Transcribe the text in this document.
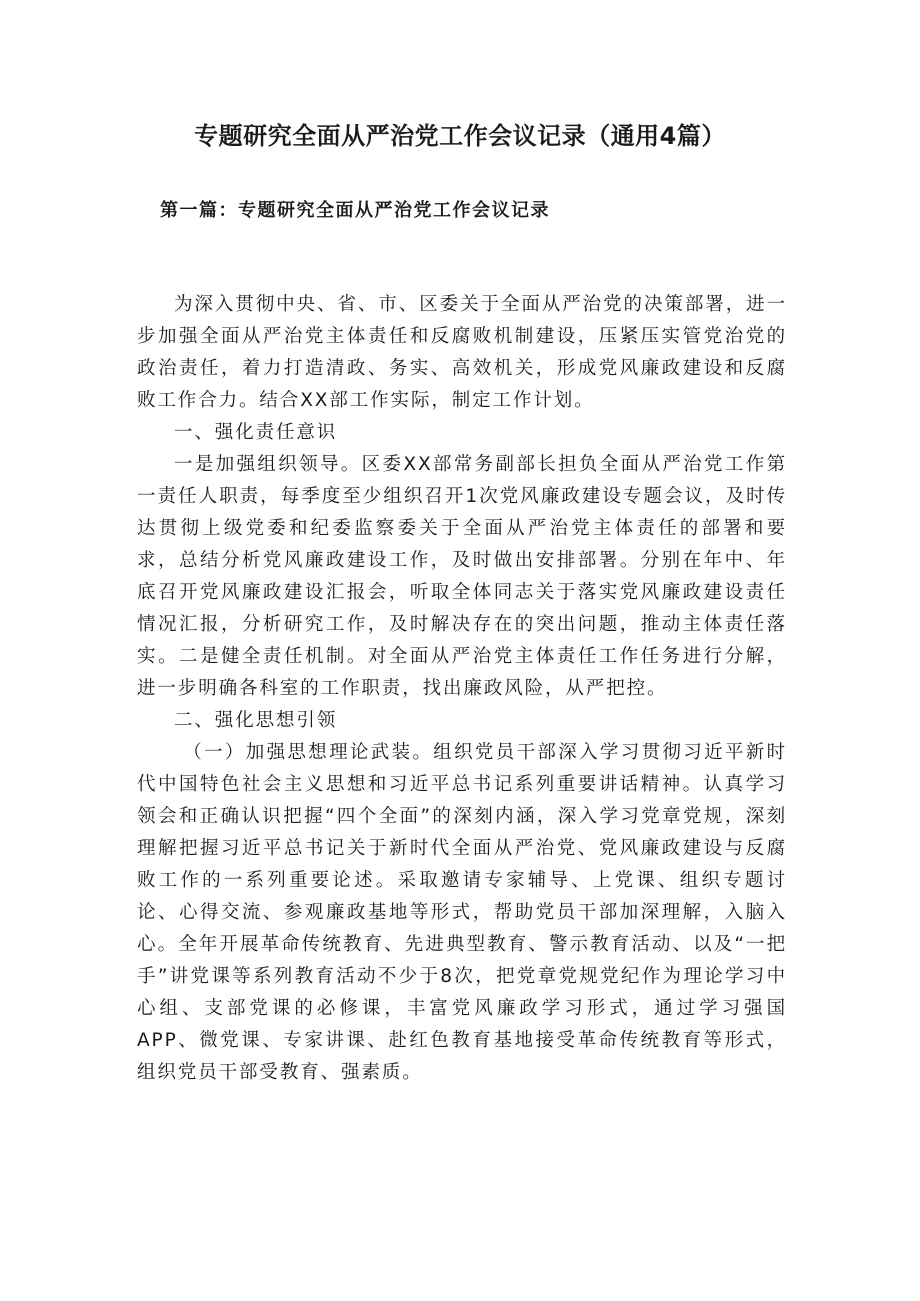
专题研究全面从严治党工作会议记录（通用4篇）
第一篇：专题研究全面从严治党工作会议记录

为深入贯彻中央、省、市、区委关于全面从严治党的决策部署，进一步加强全面从严治党主体责任和反腐败机制建设，压紧压实管党治党的政治责任，着力打造清政、务实、高效机关，形成党风廉政建设和反腐败工作合力。结合XX部工作实际，制定工作计划。

一、强化责任意识

一是加强组织领导。区委XX部常务副部长担负全面从严治党工作第一责任人职责，每季度至少组织召开1次党风廉政建设专题会议，及时传达贯彻上级党委和纪委监察委关于全面从严治党主体责任的部署和要求，总结分析党风廉政建设工作，及时做出安排部署。分别在年中、年底召开党风廉政建设汇报会，听取全体同志关于落实党风廉政建设责任情况汇报，分析研究工作，及时解决存在的突出问题，推动主体责任落实。二是健全责任机制。对全面从严治党主体责任工作任务进行分解，进一步明确各科室的工作职责，找出廉政风险，从严把控。

二、强化思想引领

（一）加强思想理论武装。组织党员干部深入学习贯彻习近平新时代中国特色社会主义思想和习近平总书记系列重要讲话精神。认真学习领会和正确认识把握“四个全面”的深刻内涵，深入学习党章党规，深刻理解把握习近平总书记关于新时代全面从严治党、党风廉政建设与反腐败工作的一系列重要论述。采取邀请专家辅导、上党课、组织专题讨论、心得交流、参观廉政基地等形式，帮助党员干部加深理解，入脑入心。全年开展革命传统教育、先进典型教育、警示教育活动、以及“一把手”讲党课等系列教育活动不少于8次，把党章党规党纪作为理论学习中心组、支部党课的必修课，丰富党风廉政学习形式，通过学习强国APP、微党课、专家讲课、赴红色教育基地接受革命传统教育等形式，组织党员干部受教育、强素质。
